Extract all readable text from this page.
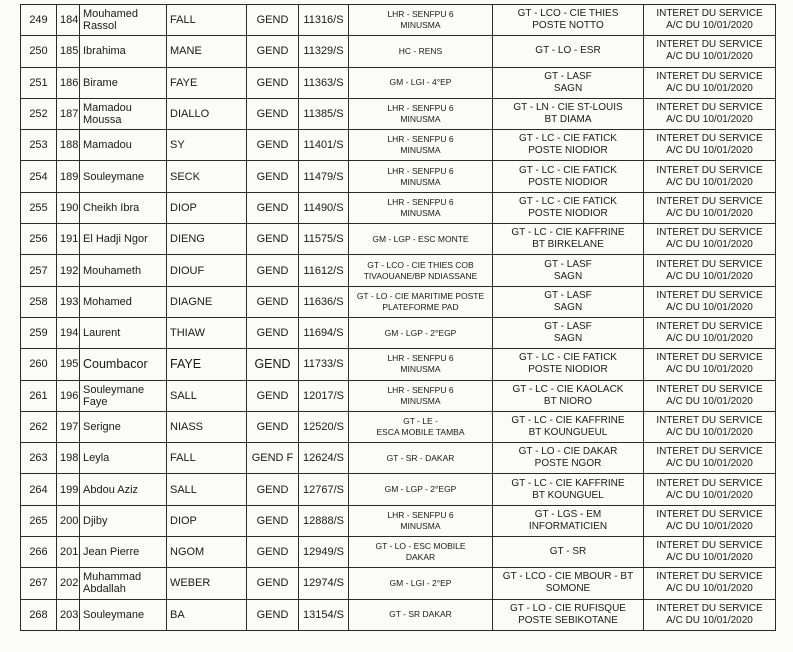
249	184	Mouhamed Rassol	FALL	GEND	11316/S	LHR - SENFPU 6
MINUSMA	GT - LCO - CIE THIES
POSTE NOTTO	INTERET DU SERVICE
A/C DU 10/01/2020

250	185	Ibrahima	MANE	GEND	11329/S	HC - RENS	GT - LO - ESR	INTERET DU SERVICE
A/C DU 10/01/2020

251	186	Birame	FAYE	GEND	11363/S	GM - LGI - 4°EP	GT - LASF
SAGN	INTERET DU SERVICE
A/C DU 10/01/2020

252	187	Mamadou Moussa	DIALLO	GEND	11385/S	LHR - SENFPU 6
MINUSMA	GT - LN - CIE ST-LOUIS
BT DIAMA	INTERET DU SERVICE
A/C DU 10/01/2020

253	188	Mamadou	SY	GEND	11401/S	LHR - SENFPU 6
MINUSMA	GT - LC - CIE FATICK
POSTE NIODIOR	INTERET DU SERVICE
A/C DU 10/01/2020

254	189	Souleymane	SECK	GEND	11479/S	LHR - SENFPU 6
MINUSMA	GT - LC - CIE FATICK
POSTE NIODIOR	INTERET DU SERVICE
A/C DU 10/01/2020

255	190	Cheikh Ibra	DIOP	GEND	11490/S	LHR - SENFPU 6
MINUSMA	GT - LC - CIE FATICK
POSTE NIODIOR	INTERET DU SERVICE
A/C DU 10/01/2020

256	191	El Hadji Ngor	DIENG	GEND	11575/S	GM - LGP - ESC MONTE	GT - LC - CIE KAFFRINE
BT BIRKELANE	INTERET DU SERVICE
A/C DU 10/01/2020

257	192	Mouhameth	DIOUF	GEND	11612/S	GT - LCO - CIE THIES COB
TIVAOUANE/BP NDIASSANE	GT - LASF
SAGN	INTERET DU SERVICE
A/C DU 10/01/2020

258	193	Mohamed	DIAGNE	GEND	11636/S	GT - LO - CIE MARITIME POSTE
PLATEFORME PAD	GT - LASF
SAGN	INTERET DU SERVICE
A/C DU 10/01/2020

259	194	Laurent	THIAW	GEND	11694/S	GM - LGP - 2°EGP	GT - LASF
SAGN	INTERET DU SERVICE
A/C DU 10/01/2020

260	195	Coumbacor	FAYE	GEND	11733/S	LHR - SENFPU 6
MINUSMA	GT - LC - CIE FATICK
POSTE NIODIOR	INTERET DU SERVICE
A/C DU 10/01/2020

261	196	Souleymane Faye	SALL	GEND	12017/S	LHR - SENFPU 6
MINUSMA	GT - LC - CIE KAOLACK
BT NIORO	INTERET DU SERVICE
A/C DU 10/01/2020

262	197	Serigne	NIASS	GEND	12520/S	GT - LE -
ESCA MOBILE TAMBA	GT - LC - CIE KAFFRINE
BT KOUNGUEUL	INTERET DU SERVICE
A/C DU 10/01/2020

263	198	Leyla	FALL	GEND F	12624/S	GT - SR - DAKAR	GT - LO - CIE DAKAR
POSTE NGOR	INTERET DU SERVICE
A/C DU 10/01/2020

264	199	Abdou Aziz	SALL	GEND	12767/S	GM - LGP - 2°EGP	GT - LC - CIE KAFFRINE
BT KOUNGUEL	INTERET DU SERVICE
A/C DU 10/01/2020

265	200	Djiby	DIOP	GEND	12888/S	LHR - SENFPU 6
MINUSMA	GT - LGS - EM
INFORMATICIEN	INTERET DU SERVICE
A/C DU 10/01/2020

266	201	Jean Pierre	NGOM	GEND	12949/S	GT - LO - ESC MOBILE
DAKAR	GT - SR	INTERET DU SERVICE
A/C DU 10/01/2020

267	202	Muhammad Abdallah	WEBER	GEND	12974/S	GM - LGI - 2°EP	GT - LCO - CIE MBOUR - BT
SOMONE	INTERET DU SERVICE
A/C DU 10/01/2020

268	203	Souleymane	BA	GEND	13154/S	GT - SR DAKAR	GT - LO - CIE RUFISQUE
POSTE SEBIKOTANE	INTERET DU SERVICE
A/C DU 10/01/2020
